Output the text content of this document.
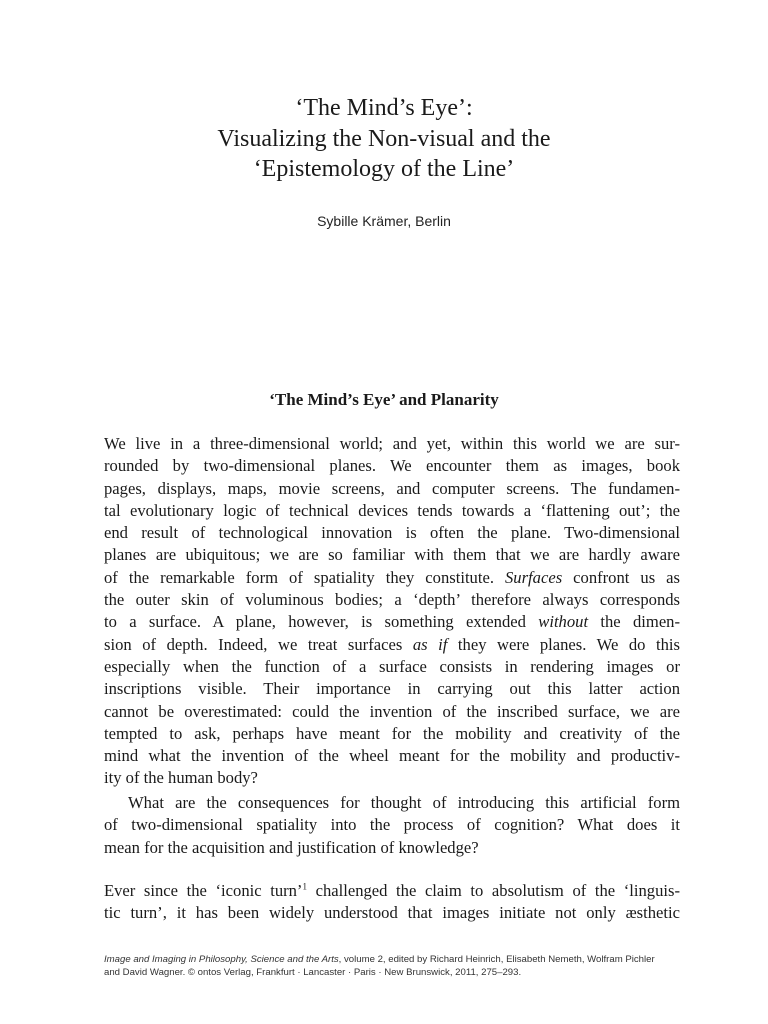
‘The Mind’s Eye’:
Visualizing the Non-visual and the
‘Epistemology of the Line’
Sybille Krämer, Berlin
‘The Mind’s Eye’ and Planarity
We live in a three-dimensional world; and yet, within this world we are sur-
rounded by two-dimensional planes. We encounter them as images, book
pages, displays, maps, movie screens, and computer screens. The fundamen-
tal evolutionary logic of technical devices tends towards a ‘flattening out’; the
end result of technological innovation is often the plane. Two-dimensional
planes are ubiquitous; we are so familiar with them that we are hardly aware
of the remarkable form of spatiality they constitute. Surfaces confront us as
the outer skin of voluminous bodies; a ‘depth’ therefore always corresponds
to a surface. A plane, however, is something extended without the dimen-
sion of depth. Indeed, we treat surfaces as if they were planes. We do this
especially when the function of a surface consists in rendering images or
inscriptions visible. Their importance in carrying out this latter action
cannot be overestimated: could the invention of the inscribed surface, we are
tempted to ask, perhaps have meant for the mobility and creativity of the
mind what the invention of the wheel meant for the mobility and productiv-
ity of the human body?
What are the consequences for thought of introducing this artificial form
of two-dimensional spatiality into the process of cognition? What does it
mean for the acquisition and justification of knowledge?
Ever since the ‘iconic turn’$^1$ challenged the claim to absolutism of the ‘linguis-
tic turn’, it has been widely understood that images initiate not only æsthetic
Image and Imaging in Philosophy, Science and the Arts, volume 2, edited by Richard Heinrich, Elisabeth Nemeth, Wolfram Pichler
and David Wagner. © ontos Verlag, Frankfurt · Lancaster · Paris · New Brunswick, 2011, 275–293.
